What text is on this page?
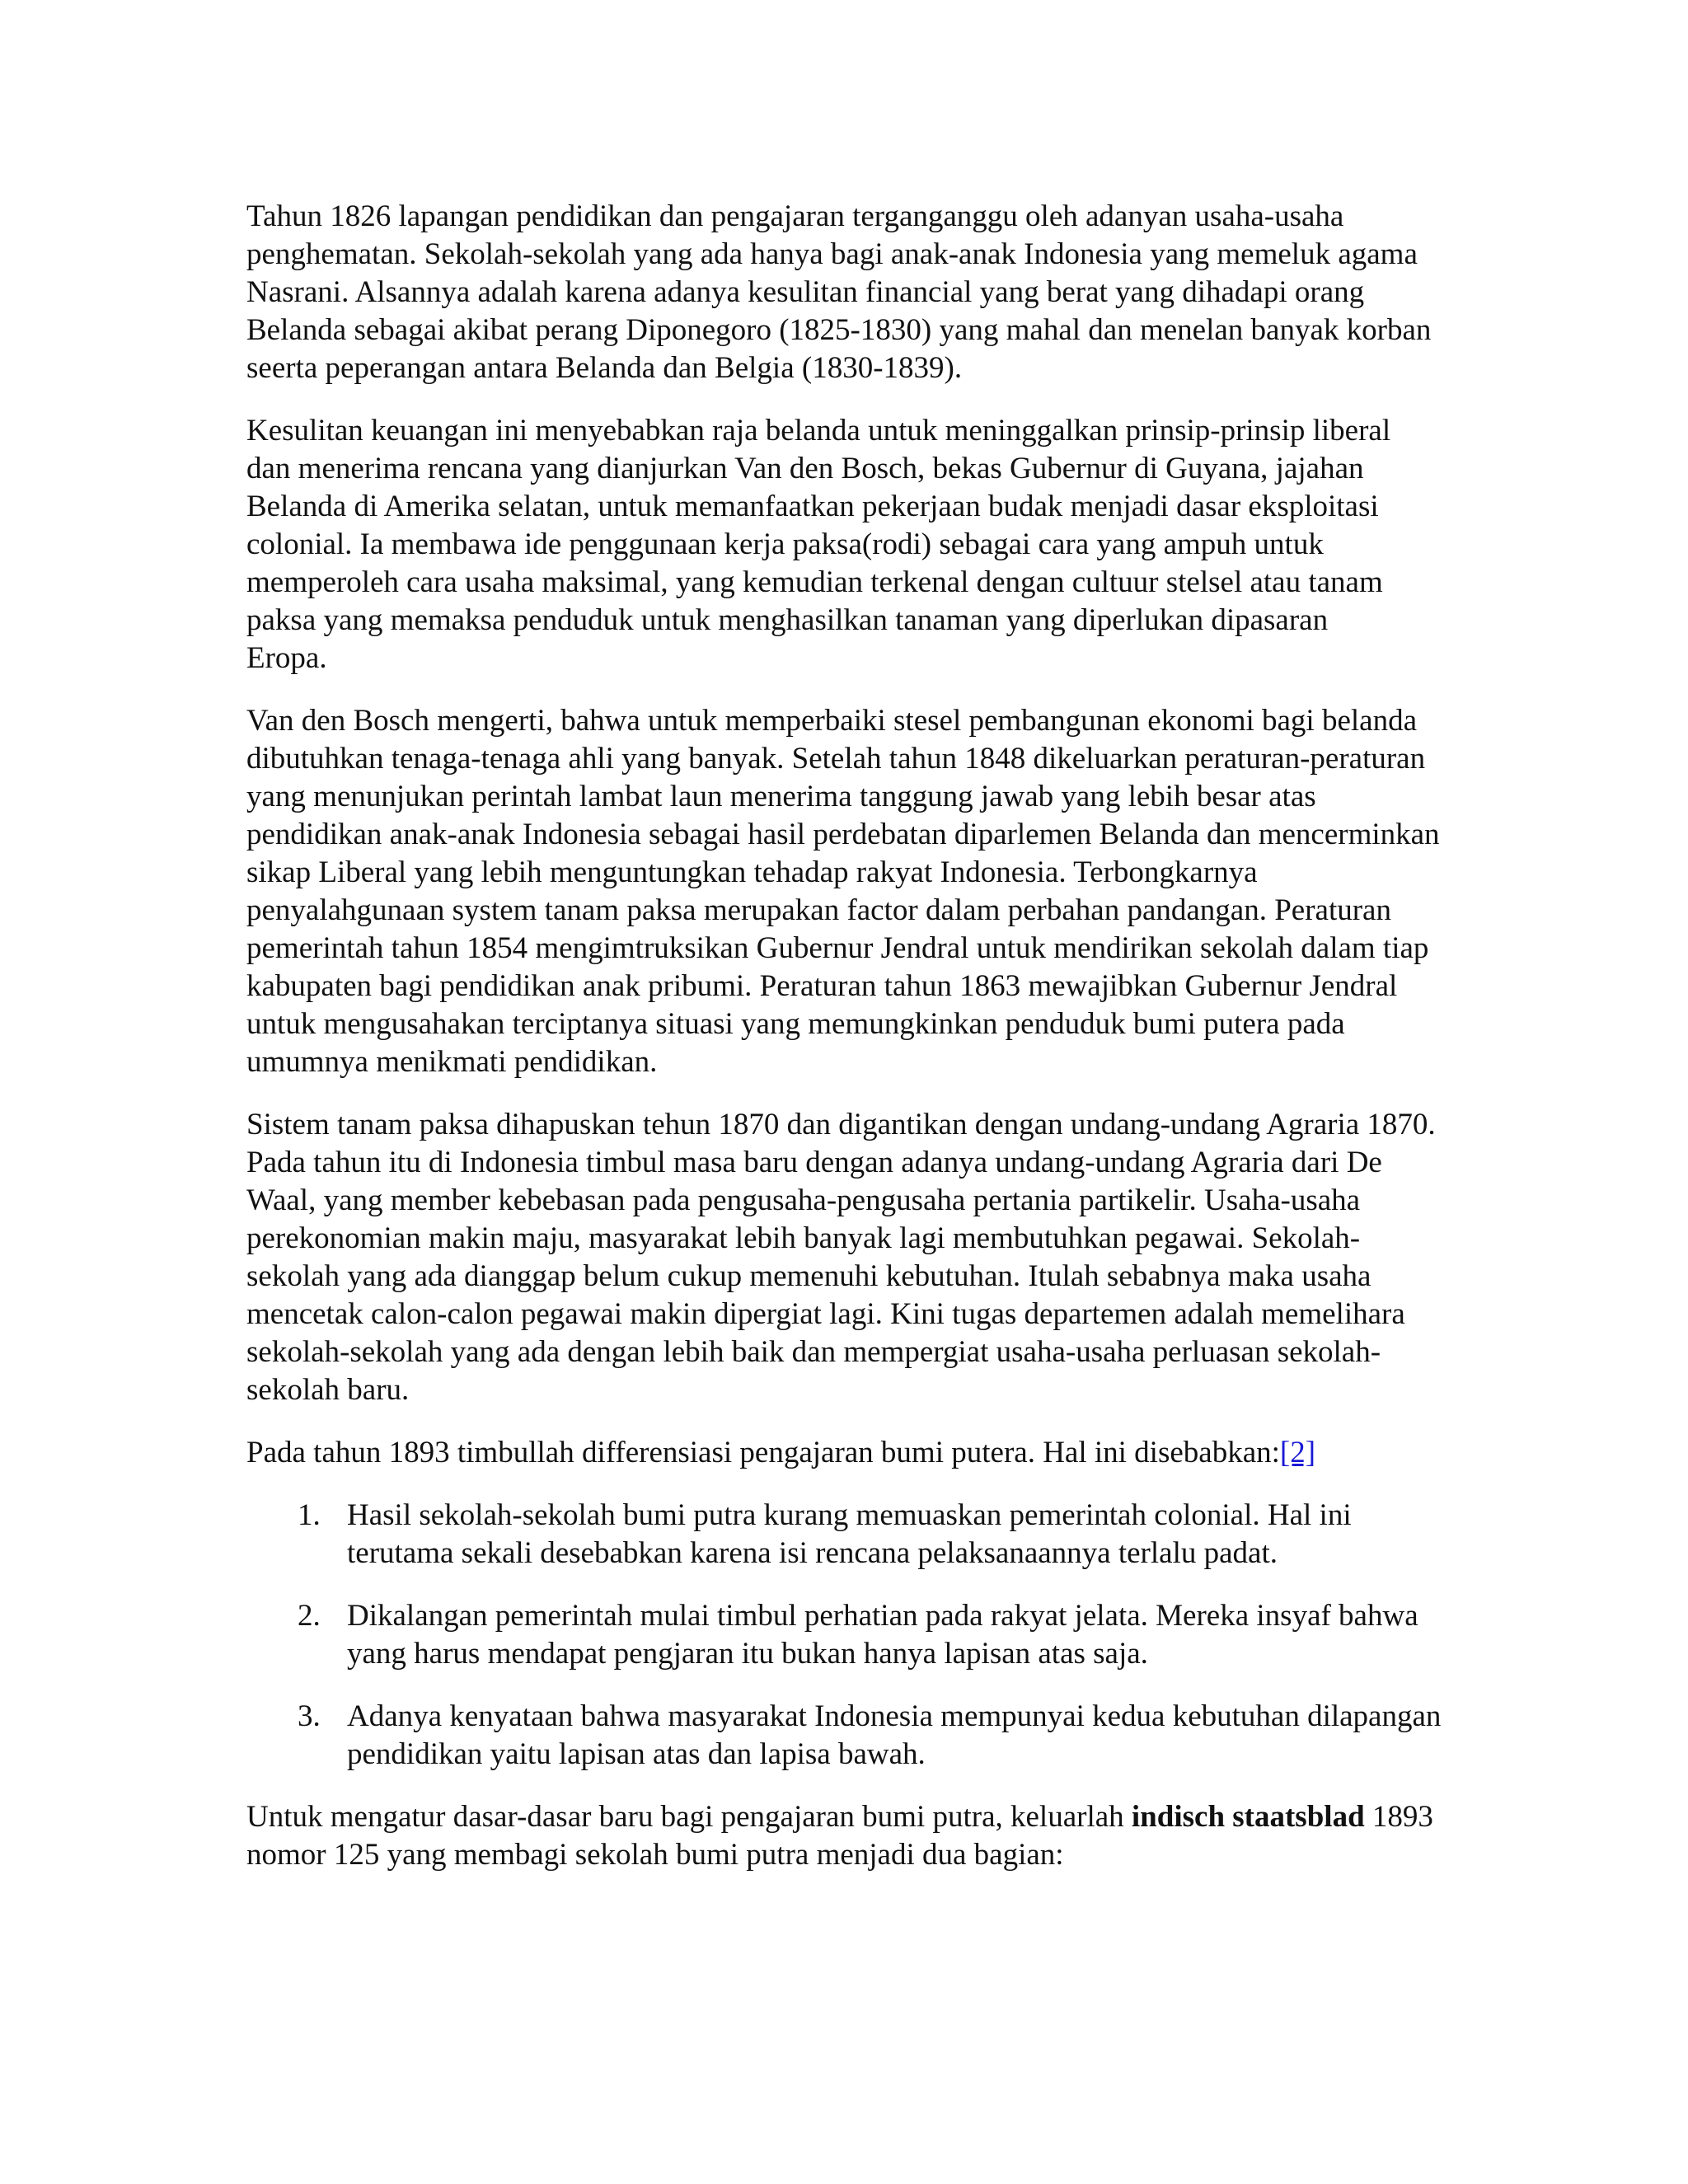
Tahun 1826 lapangan pendidikan dan pengajaran terganganggu oleh adanyan usaha-usaha penghematan. Sekolah-sekolah yang ada hanya bagi anak-anak Indonesia yang memeluk agama Nasrani. Alsannya adalah karena adanya kesulitan financial yang berat yang dihadapi orang Belanda sebagai akibat perang Diponegoro (1825-1830) yang mahal dan menelan banyak korban seerta peperangan antara Belanda dan Belgia (1830-1839).

Kesulitan keuangan ini menyebabkan raja belanda untuk meninggalkan prinsip-prinsip liberal dan menerima rencana yang dianjurkan Van den Bosch, bekas Gubernur di Guyana, jajahan Belanda di Amerika selatan, untuk memanfaatkan pekerjaan budak menjadi dasar eksploitasi colonial. Ia membawa ide penggunaan kerja paksa(rodi) sebagai cara yang ampuh untuk memperoleh cara usaha maksimal, yang kemudian terkenal dengan cultuur stelsel atau tanam paksa yang memaksa penduduk untuk menghasilkan tanaman yang diperlukan dipasaran Eropa.

Van den Bosch mengerti, bahwa untuk memperbaiki stesel pembangunan ekonomi bagi belanda dibutuhkan tenaga-tenaga ahli yang banyak. Setelah tahun 1848 dikeluarkan peraturan-peraturan yang menunjukan perintah lambat laun menerima tanggung jawab yang lebih besar atas pendidikan anak-anak Indonesia sebagai hasil perdebatan diparlemen Belanda dan mencerminkan sikap Liberal yang lebih menguntungkan tehadap rakyat Indonesia. Terbongkarnya penyalahgunaan system tanam paksa merupakan factor dalam perbahan pandangan. Peraturan pemerintah tahun 1854 mengimtruksikan Gubernur Jendral untuk mendirikan sekolah dalam tiap kabupaten bagi pendidikan anak pribumi. Peraturan tahun 1863 mewajibkan Gubernur Jendral untuk mengusahakan terciptanya situasi yang memungkinkan penduduk bumi putera pada umumnya menikmati pendidikan.

Sistem tanam paksa dihapuskan tehun 1870 dan digantikan dengan undang-undang Agraria 1870. Pada tahun itu di Indonesia timbul masa baru dengan adanya undang-undang Agraria dari De Waal, yang member kebebasan pada pengusaha-pengusaha pertania partikelir. Usaha-usaha perekonomian makin maju, masyarakat lebih banyak lagi membutuhkan pegawai. Sekolah-sekolah yang ada dianggap belum cukup memenuhi kebutuhan. Itulah sebabnya maka usaha mencetak calon-calon pegawai makin dipergiat lagi. Kini tugas departemen adalah memelihara sekolah-sekolah yang ada dengan lebih baik dan mempergiat usaha-usaha perluasan sekolah-sekolah baru.

Pada tahun 1893 timbullah differensiasi pengajaran bumi putera. Hal ini disebabkan:[2]

1. Hasil sekolah-sekolah bumi putra kurang memuaskan pemerintah colonial. Hal ini terutama sekali desebabkan karena isi rencana pelaksanaannya terlalu padat.
2. Dikalangan pemerintah mulai timbul perhatian pada rakyat jelata. Mereka insyaf bahwa yang harus mendapat pengjaran itu bukan hanya lapisan atas saja.
3. Adanya kenyataan bahwa masyarakat Indonesia mempunyai kedua kebutuhan dilapangan pendidikan yaitu lapisan atas dan lapisa bawah.

Untuk mengatur dasar-dasar baru bagi pengajaran bumi putra, keluarlah indisch staatsblad 1893 nomor 125 yang membagi sekolah bumi putra menjadi dua bagian:
